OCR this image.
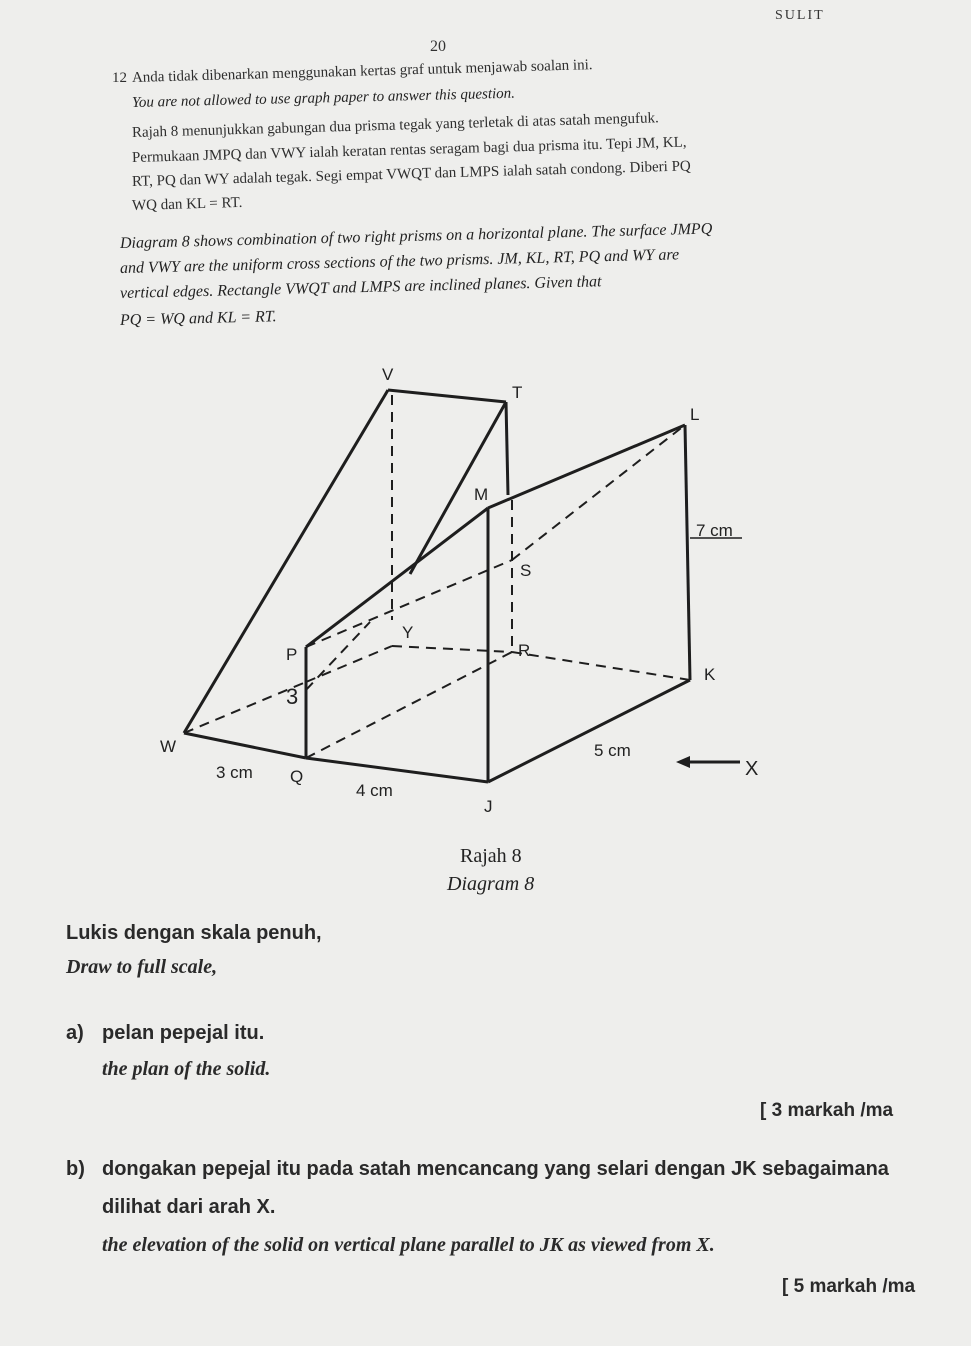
SULIT
20
12 Anda tidak dibenarkan menggunakan kertas graf untuk menjawab soalan ini.
You are not allowed to use graph paper to answer this question.
Rajah 8 menunjukkan gabungan dua prisma tegak yang terletak di atas satah mengufuk.
Permukaan JMPQ dan VWY ialah keratan rentas seragam bagi dua prisma itu. Tepi JM, KL,
RT, PQ dan WY adalah tegak. Segi empat VWQT dan LMPS ialah satah condong. Diberi PQ
WQ dan KL = RT.
Diagram 8 shows combination of two right prisms on a horizontal plane. The surface JMPQ
and VWY are the uniform cross sections of the two prisms. JM, KL, RT, PQ and WY are
vertical edges. Rectangle VWQT and LMPS are inclined planes. Given that
PQ = WQ and KL = RT.
V
T
L
M
S
Y
P	R
K
W
Q
J
X
7 cm
5 cm
3 cm
4 cm
3
Rajah 8
Diagram 8
Lukis dengan skala penuh,
Draw to full scale,
a) pelan pepejal itu.
the plan of the solid.
[ 3 markah /ma
b) dongakan pepejal itu pada satah mencancang yang selari dengan JK sebagaimana
dilihat dari arah X.
the elevation of the solid on vertical plane parallel to JK as viewed from X.
[ 5 markah /ma
